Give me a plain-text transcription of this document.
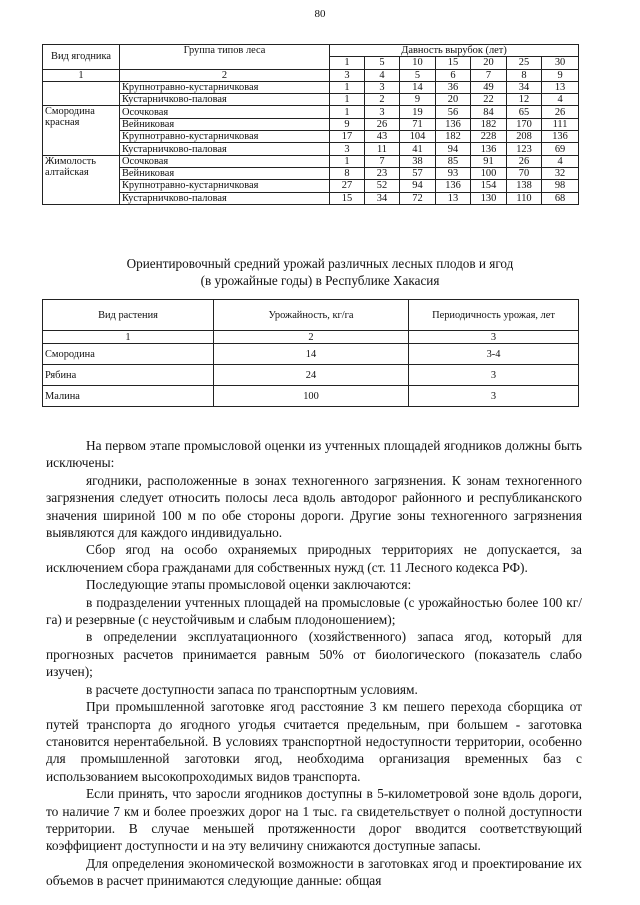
80
Вид ягодника	Группа типов леса	Давность вырубок (лет)						
		1	5	10	15	20	25	30
1	2	3	4	5	6	7	8	9
	Крупнотравно-кустарничковая	1	3	14	36	49	34	13
	Кустарничково-паловая	1	2	9	20	22	12	4
Смородина красная	Осочковая	1	3	19	56	84	65	26
	Вейниковая	9	26	71	136	182	170	111
	Крупнотравно-кустарничковая	17	43	104	182	228	208	136
	Кустарничково-паловая	3	11	41	94	136	123	69
Жимолость алтайская	Осочковая	1	7	38	85	91	26	4
	Вейниковая	8	23	57	93	100	70	32
	Крупнотравно-кустарничковая	27	52	94	136	154	138	98
	Кустарничково-паловая	15	34	72	13	130	110	68
Ориентировочный средний урожай различных лесных плодов и ягод
(в урожайные годы) в Республике Хакасия
Вид растения	Урожайность, кг/га	Периодичность урожая, лет
1	2	3
Смородина	14	3-4
Рябина	24	3
Малина	100	3

На первом этапе промысловой оценки из учтенных площадей ягодников должны быть исключены:

ягодники, расположенные в зонах техногенного загрязнения. К зонам техногенного загрязнения следует относить полосы леса вдоль автодорог районного и республиканского значения шириной 100 м по обе стороны дороги. Другие зоны техногенного загрязнения выявляются для каждого индивидуально.

Сбор ягод на особо охраняемых природных территориях не допускается, за исключением сбора гражданами для собственных нужд (ст. 11 Лесного кодекса РФ).

Последующие этапы промысловой оценки заключаются:

в подразделении учтенных площадей на промысловые (с урожайностью более 100 кг/га) и резервные (с неустойчивым и слабым плодоношением);

в определении эксплуатационного (хозяйственного) запаса ягод, который для прогнозных расчетов принимается равным 50% от биологического (показатель слабо изучен);

в расчете доступности запаса по транспортным условиям.

При промышленной заготовке ягод расстояние 3 км пешего перехода сборщика от путей транспорта до ягодного угодья считается предельным, при большем - заготовка становится нерентабельной. В условиях транспортной недоступности территории, особенно для промышленной заготовки ягод, необходима организация временных баз с использованием высокопроходимых видов транспорта.

Если принять, что заросли ягодников доступны в 5-километровой зоне вдоль дороги, то наличие 7 км и более проезжих дорог на 1 тыс. га свидетельствует о полной доступности территории. В случае меньшей протяженности дорог вводится соответствующий коэффициент доступности и на эту величину снижаются доступные запасы.

Для определения экономической возможности в заготовках ягод и проектирование их объемов в расчет принимаются следующие данные: общая
